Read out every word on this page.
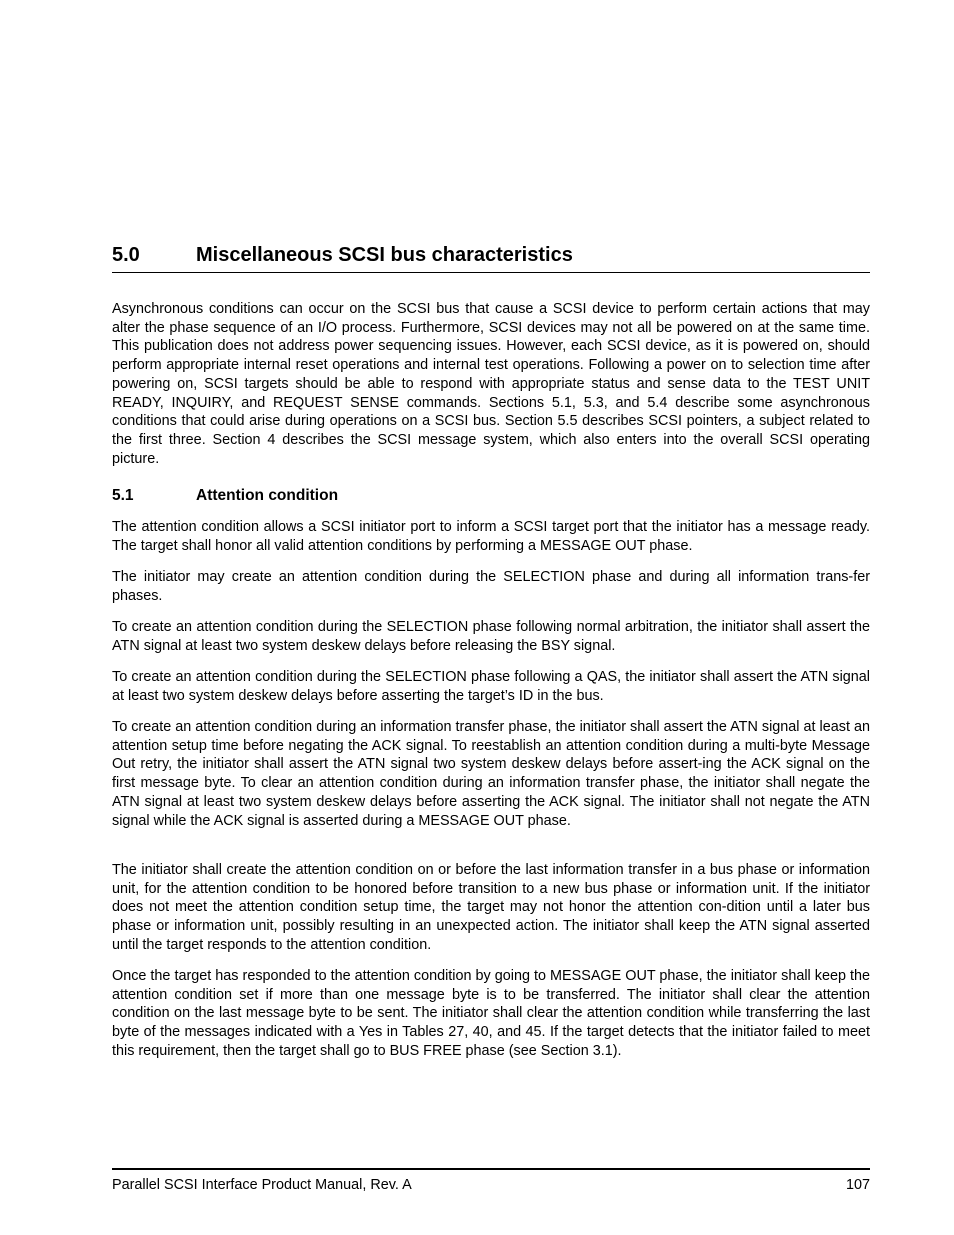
5.0	Miscellaneous SCSI bus characteristics

Asynchronous conditions can occur on the SCSI bus that cause a SCSI device to perform certain actions that may alter the phase sequence of an I/O process. Furthermore, SCSI devices may not all be powered on at the same time. This publication does not address power sequencing issues. However, each SCSI device, as it is powered on, should perform appropriate internal reset operations and internal test operations. Following a power on to selection time after powering on, SCSI targets should be able to respond with appropriate status and sense data to the TEST UNIT READY, INQUIRY, and REQUEST SENSE commands. Sections 5.1, 5.3, and 5.4 describe some asynchronous conditions that could arise during operations on a SCSI bus. Section 5.5 describes SCSI pointers, a subject related to the first three. Section 4 describes the SCSI message system, which also enters into the overall SCSI operating picture.

5.1	Attention condition

The attention condition allows a SCSI initiator port to inform a SCSI target port that the initiator has a message ready. The target shall honor all valid attention conditions by performing a MESSAGE OUT phase.

The initiator may create an attention condition during the SELECTION phase and during all information trans-fer phases.

To create an attention condition during the SELECTION phase following normal arbitration, the initiator shall assert the ATN signal at least two system deskew delays before releasing the BSY signal.

To create an attention condition during the SELECTION phase following a QAS, the initiator shall assert the ATN signal at least two system deskew delays before asserting the target’s ID in the bus.

To create an attention condition during an information transfer phase, the initiator shall assert the ATN signal at least an attention setup time before negating the ACK signal. To reestablish an attention condition during a multi-byte Message Out retry, the initiator shall assert the ATN signal two system deskew delays before assert-ing the ACK signal on the first message byte. To clear an attention condition during an information transfer phase, the initiator shall negate the ATN signal at least two system deskew delays before asserting the ACK signal. The initiator shall not negate the ATN signal while the ACK signal is asserted during a MESSAGE OUT phase.

The initiator shall create the attention condition on or before the last information transfer in a bus phase or information unit, for the attention condition to be honored before transition to a new bus phase or information unit. If the initiator does not meet the attention condition setup time, the target may not honor the attention con-dition until a later bus phase or information unit, possibly resulting in an unexpected action. The initiator shall keep the ATN signal asserted until the target responds to the attention condition.

Once the target has responded to the attention condition by going to MESSAGE OUT phase, the initiator shall keep the attention condition set if more than one message byte is to be transferred. The initiator shall clear the attention condition on the last message byte to be sent. The initiator shall clear the attention condition while transferring the last byte of the messages indicated with a Yes in Tables 27, 40, and 45. If the target detects that the initiator failed to meet this requirement, then the target shall go to BUS FREE phase (see Section 3.1).

Parallel SCSI Interface Product Manual, Rev. A	107
